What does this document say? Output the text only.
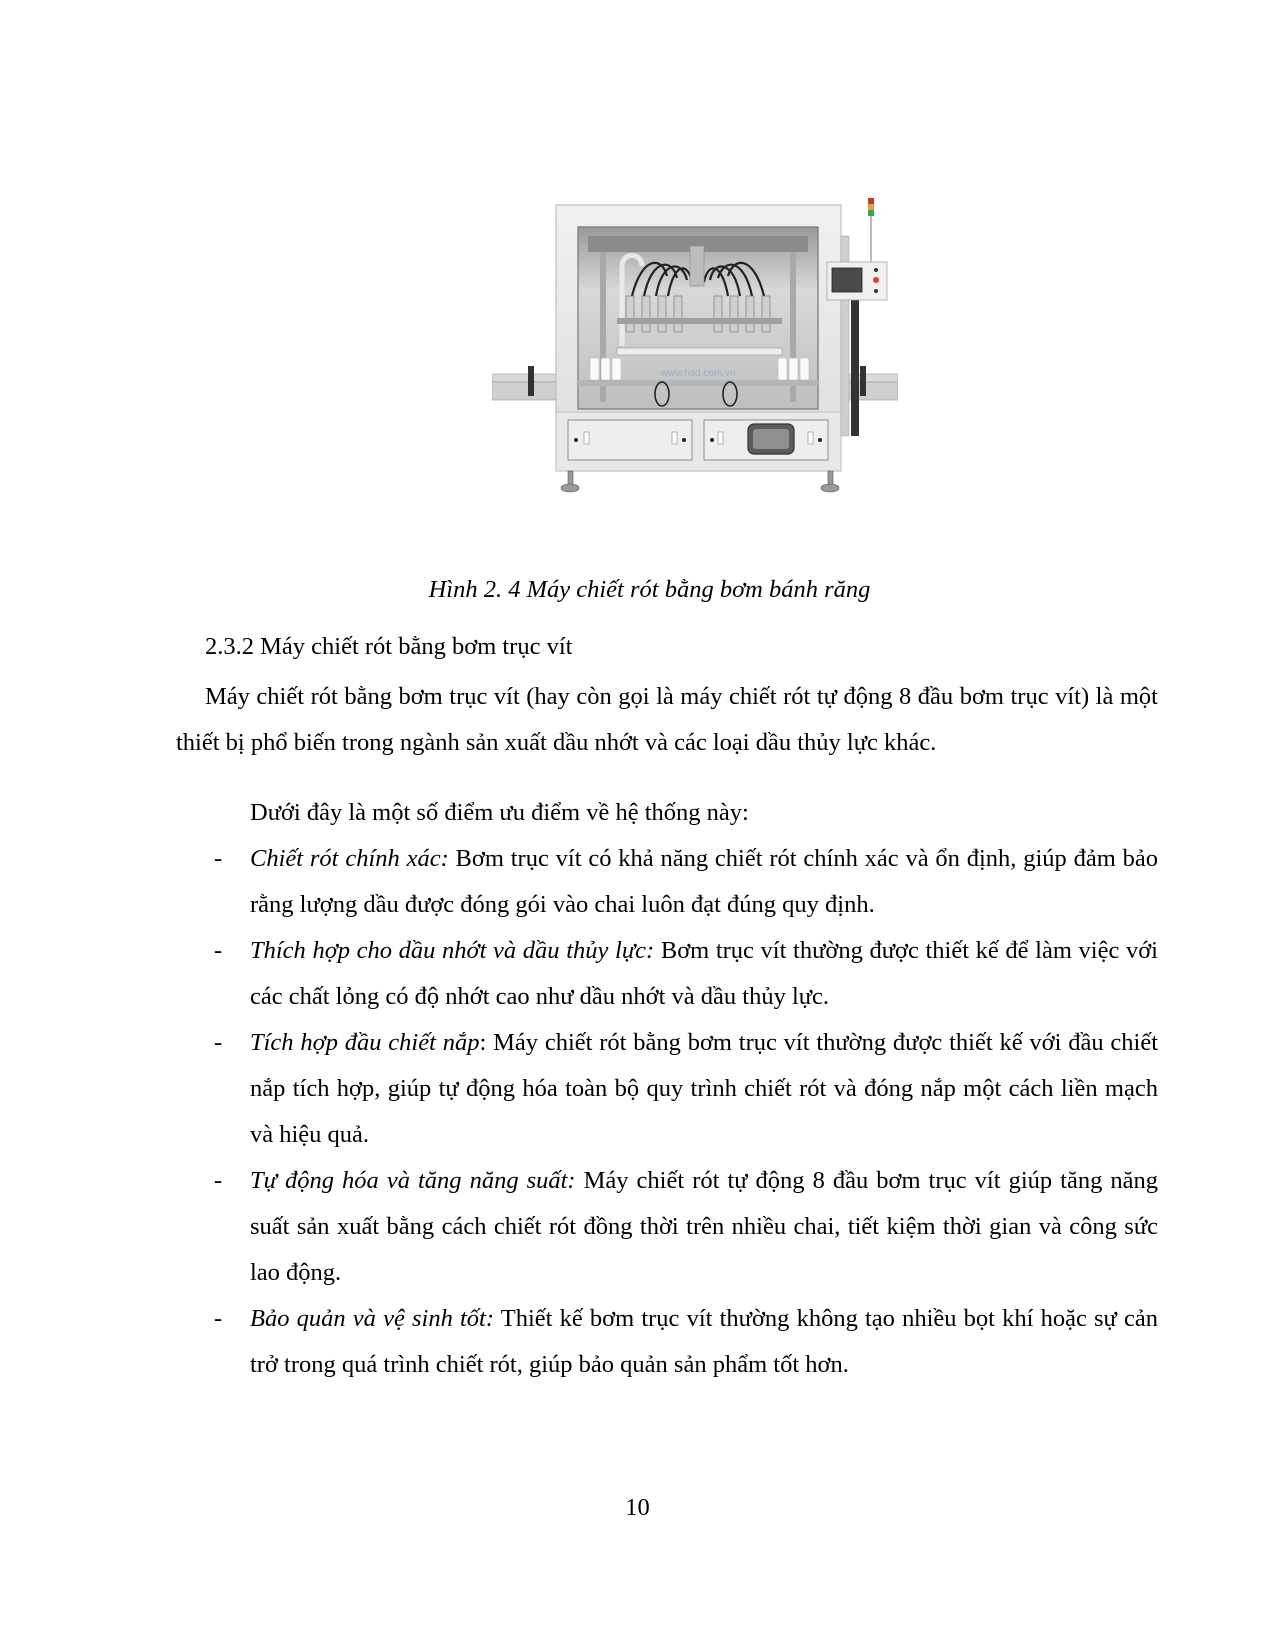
www.hsd.com.vn
Hình 2. 4 Máy chiết rót bằng bơm bánh răng
2.3.2 Máy chiết rót bằng bơm trục vít
Máy chiết rót bằng bơm trục vít (hay còn gọi là máy chiết rót tự động 8 đầu bơm trục vít) là một thiết bị phổ biến trong ngành sản xuất dầu nhớt và các loại dầu thủy lực khác.
Dưới đây là một số điểm ưu điểm về hệ thống này:
- Chiết rót chính xác: Bơm trục vít có khả năng chiết rót chính xác và ổn định, giúp đảm bảo rằng lượng dầu được đóng gói vào chai luôn đạt đúng quy định.
- Thích hợp cho dầu nhớt và dầu thủy lực: Bơm trục vít thường được thiết kế để làm việc với các chất lỏng có độ nhớt cao như dầu nhớt và dầu thủy lực.
- Tích hợp đầu chiết nắp: Máy chiết rót bằng bơm trục vít thường được thiết kế với đầu chiết nắp tích hợp, giúp tự động hóa toàn bộ quy trình chiết rót và đóng nắp một cách liền mạch và hiệu quả.
- Tự động hóa và tăng năng suất: Máy chiết rót tự động 8 đầu bơm trục vít giúp tăng năng suất sản xuất bằng cách chiết rót đồng thời trên nhiều chai, tiết kiệm thời gian và công sức lao động.
- Bảo quản và vệ sinh tốt: Thiết kế bơm trục vít thường không tạo nhiều bọt khí hoặc sự cản trở trong quá trình chiết rót, giúp bảo quản sản phẩm tốt hơn.
10
